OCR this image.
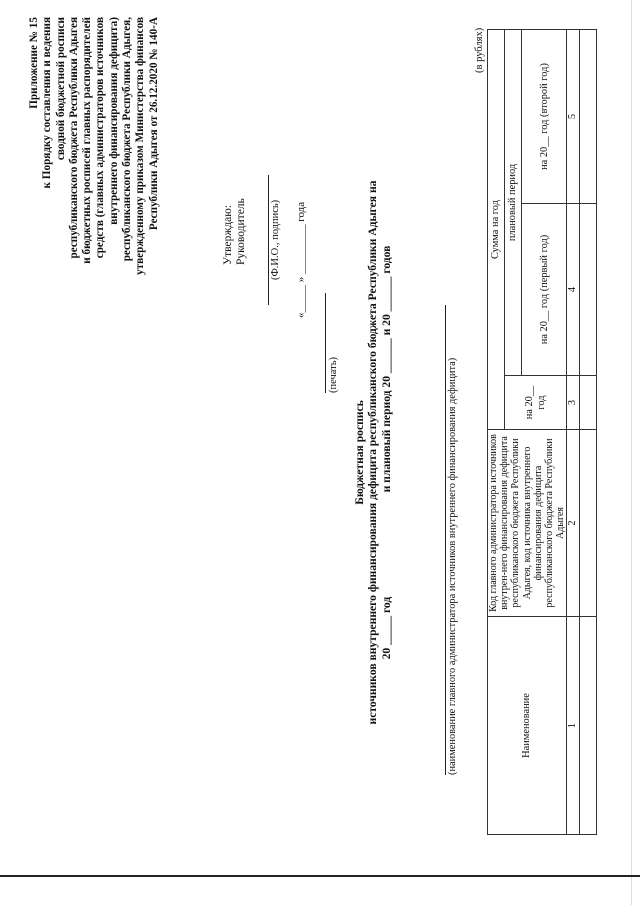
Приложение № 15 к Порядку составления и ведения сводной бюджетной росписи республиканского бюджета Республики Адыгея и бюджетных росписей главных распорядителей средств (главных администраторов источников внутреннего финансирования дефицита) республиканского бюджета Республики Адыгея, утвержденному приказом Министерства финансов Республики Адыгея от 26.12.2020 № 140-А
Утверждаю: Руководитель (Ф.И.О., подпись) «_____ » _________ года
(печать)
Бюджетная роспись источников внутреннего финансирования дефицита республиканского бюджета Республики Адыгея на 20 _____ год                                    и плановый период 20 ______ и 20 ______ годов	(наименование главного администратора источников внутреннего финансирования дефицита)
(в рублях)
Наименование	Код главного администратора источников внутрен-него финансирования дефицита республиканского бюджета Республики Адыгея, код источника внутреннего финансирования дефицита республиканского бюджета Республики Адыгея	Сумма на год		
		на 20__ год	плановый период	
			на 20__ год (первый год)	на 20__ год (второй год)
1	2	3	4	5
